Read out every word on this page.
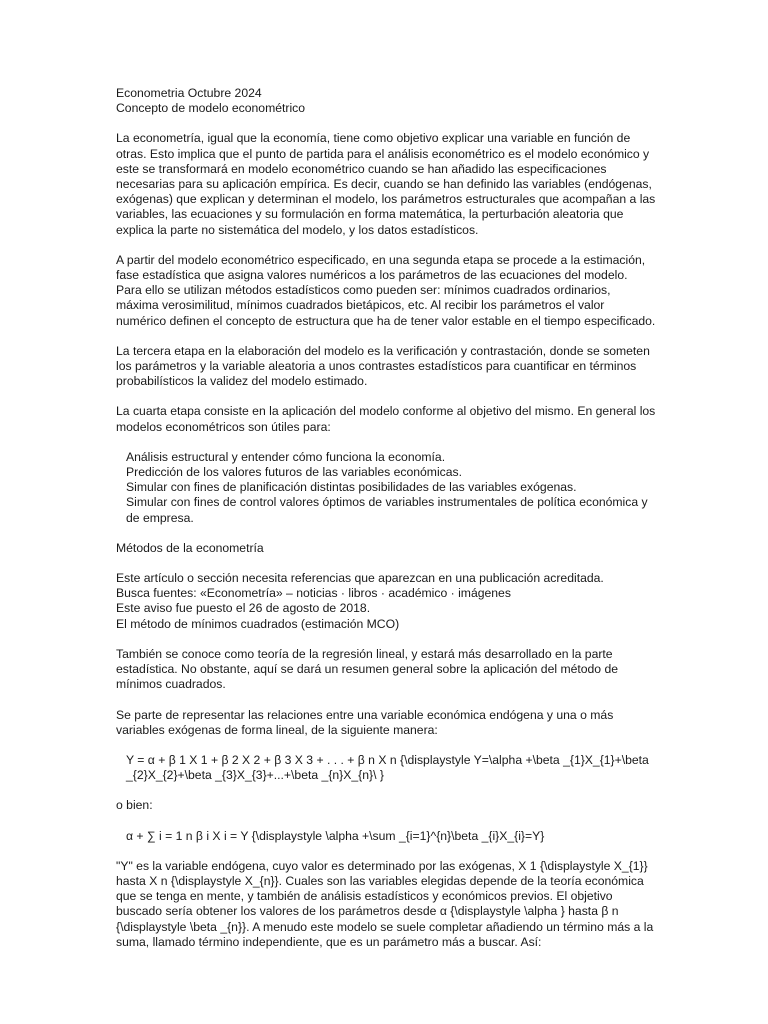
Econometria Octubre 2024

Concepto de modelo econométrico

La econometría, igual que la economía, tiene como objetivo explicar una variable en función de otras. Esto implica que el punto de partida para el análisis econométrico es el modelo económico y este se transformará en modelo econométrico cuando se han añadido las especificaciones necesarias para su aplicación empírica. Es decir, cuando se han definido las variables (endógenas, exógenas) que explican y determinan el modelo, los parámetros estructurales que acompañan a las variables, las ecuaciones y su formulación en forma matemática, la perturbación aleatoria que explica la parte no sistemática del modelo, y los datos estadísticos.

A partir del modelo econométrico especificado, en una segunda etapa se procede a la estimación, fase estadística que asigna valores numéricos a los parámetros de las ecuaciones del modelo. Para ello se utilizan métodos estadísticos como pueden ser: mínimos cuadrados ordinarios, máxima verosimilitud, mínimos cuadrados bietápicos, etc. Al recibir los parámetros el valor numérico definen el concepto de estructura que ha de tener valor estable en el tiempo especificado.

La tercera etapa en la elaboración del modelo es la verificación y contrastación, donde se someten los parámetros y la variable aleatoria a unos contrastes estadísticos para cuantificar en términos probabilísticos la validez del modelo estimado.

La cuarta etapa consiste en la aplicación del modelo conforme al objetivo del mismo. En general los modelos econométricos son útiles para:

Análisis estructural y entender cómo funciona la economía.

Predicción de los valores futuros de las variables económicas.

Simular con fines de planificación distintas posibilidades de las variables exógenas.

Simular con fines de control valores óptimos de variables instrumentales de política económica y de empresa.

Métodos de la econometría

Este artículo o sección necesita referencias que aparezcan en una publicación acreditada.

Busca fuentes: «Econometría» – noticias · libros · académico · imágenes

Este aviso fue puesto el 26 de agosto de 2018.

El método de mínimos cuadrados (estimación MCO)

También se conoce como teoría de la regresión lineal, y estará más desarrollado en la parte estadística. No obstante, aquí se dará un resumen general sobre la aplicación del método de mínimos cuadrados.

Se parte de representar las relaciones entre una variable económica endógena y una o más variables exógenas de forma lineal, de la siguiente manera:

Y = α + β 1 X 1 + β 2 X 2 + β 3 X 3 + . . . + β n X n {\displaystyle Y=\alpha +\beta _{1}X_{1}+\beta _{2}X_{2}+\beta _{3}X_{3}+...+\beta _{n}X_{n}\ }

o bien:

α + ∑ i = 1 n β i X i = Y {\displaystyle \alpha +\sum _{i=1}^{n}\beta _{i}X_{i}=Y}

"Y" es la variable endógena, cuyo valor es determinado por las exógenas, X 1 {\displaystyle X_{1}} hasta X n {\displaystyle X_{n}}. Cuales son las variables elegidas depende de la teoría económica que se tenga en mente, y también de análisis estadísticos y económicos previos. El objetivo buscado sería obtener los valores de los parámetros desde α {\displaystyle \alpha } hasta β n {\displaystyle \beta _{n}}. A menudo este modelo se suele completar añadiendo un término más a la suma, llamado término independiente, que es un parámetro más a buscar. Así:
